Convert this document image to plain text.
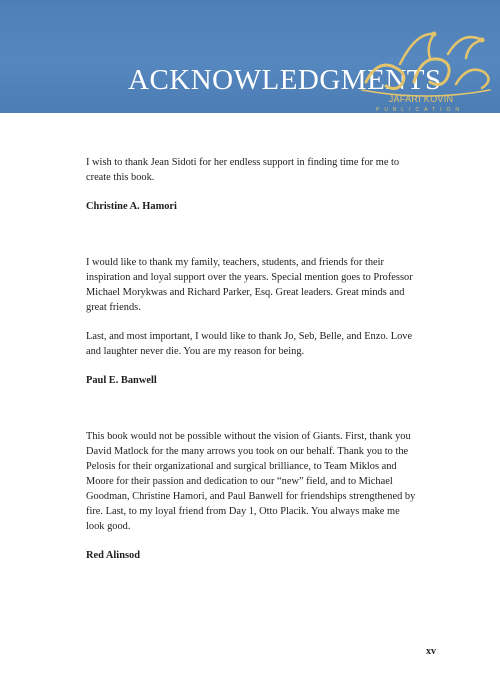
ACKNOWLEDGMENTS
JAFARI KOVIN
PUBLICATION

I wish to thank Jean Sidoti for her endless support in finding time for me to create this book.

Christine A. Hamori

I would like to thank my family, teachers, students, and friends for their inspiration and loyal support over the years. Special mention goes to Professor Michael Morykwas and Richard Parker, Esq. Great leaders. Great minds and great friends.

Last, and most important, I would like to thank Jo, Seb, Belle, and Enzo. Love and laughter never die. You are my reason for being.

Paul E. Banwell

This book would not be possible without the vision of Giants. First, thank you David Matlock for the many arrows you took on our behalf. Thank you to the Pelosis for their organizational and surgical brilliance, to Team Miklos and Moore for their passion and dedication to our “new” field, and to Michael Goodman, Christine Hamori, and Paul Banwell for friendships strengthened by fire. Last, to my loyal friend from Day 1, Otto Placik. You always make me look good.

Red Alinsod

xv
